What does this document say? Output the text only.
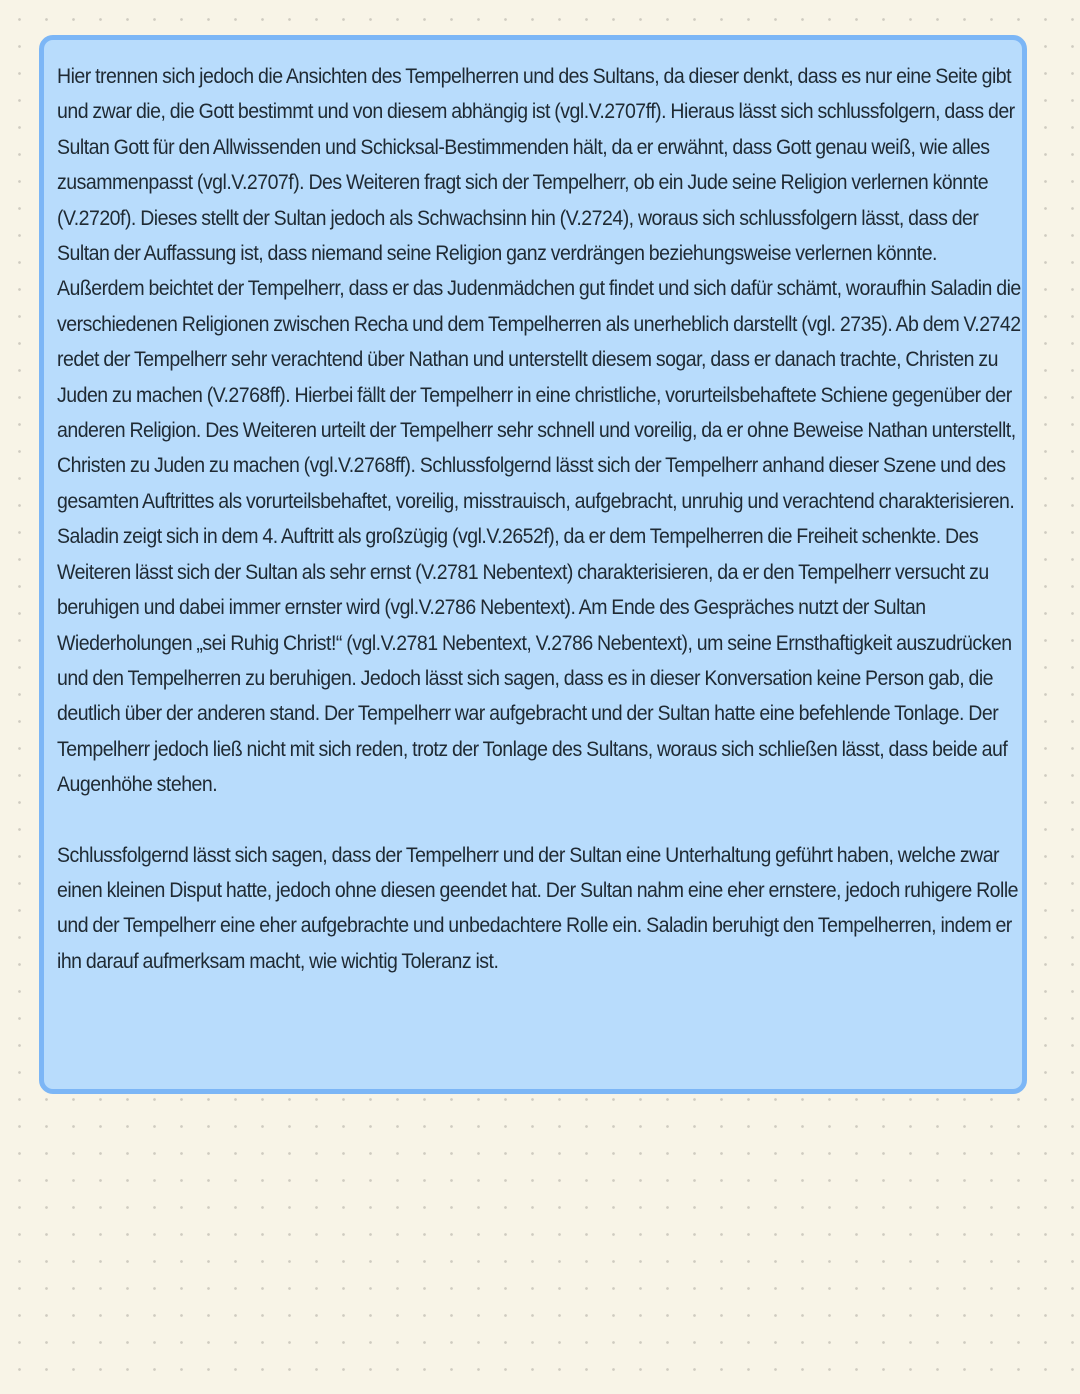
Hier trennen sich jedoch die Ansichten des Tempelherren und des Sultans, da dieser denkt, dass es nur eine Seite gibt und zwar die, die Gott bestimmt und von diesem abhängig ist (vgl.V.2707ff). Hieraus lässt sich schlussfolgern, dass der Sultan Gott für den Allwissenden und Schicksal-Bestimmenden hält, da er erwähnt, dass Gott genau weiß, wie alles zusammenpasst (vgl.V.2707f). Des Weiteren fragt sich der Tempelherr, ob ein Jude seine Religion verlernen könnte (V.2720f). Dieses stellt der Sultan jedoch als Schwachsinn hin (V.2724), woraus sich schlussfolgern lässt, dass der Sultan der Auffassung ist, dass niemand seine Religion ganz verdrängen beziehungsweise verlernen könnte. Außerdem beichtet der Tempelherr, dass er das Judenmädchen gut findet und sich dafür schämt, woraufhin Saladin die verschiedenen Religionen zwischen Recha und dem Tempelherren als unerheblich darstellt (vgl. 2735). Ab dem V.2742 redet der Tempelherr sehr verachtend über Nathan und unterstellt diesem sogar, dass er danach trachte, Christen zu Juden zu machen (V.2768ff). Hierbei fällt der Tempelherr in eine christliche, vorurteilsbehaftete Schiene gegenüber der anderen Religion. Des Weiteren urteilt der Tempelherr sehr schnell und voreilig, da er ohne Beweise Nathan unterstellt, Christen zu Juden zu machen (vgl.V.2768ff). Schlussfolgernd lässt sich der Tempelherr anhand dieser Szene und des gesamten Auftrittes als vorurteilsbehaftet, voreilig, misstrauisch, aufgebracht, unruhig und verachtend charakterisieren. Saladin zeigt sich in dem 4. Auftritt als großzügig (vgl.V.2652f), da er dem Tempelherren die Freiheit schenkte. Des Weiteren lässt sich der Sultan als sehr ernst (V.2781 Nebentext) charakterisieren, da er den Tempelherr versucht zu beruhigen und dabei immer ernster wird (vgl.V.2786 Nebentext). Am Ende des Gespräches nutzt der Sultan Wiederholungen „sei Ruhig Christ!“ (vgl.V.2781 Nebentext, V.2786 Nebentext), um seine Ernsthaftigkeit auszudrücken und den Tempelherren zu beruhigen. Jedoch lässt sich sagen, dass es in dieser Konversation keine Person gab, die deutlich über der anderen stand. Der Tempelherr war aufgebracht und der Sultan hatte eine befehlende Tonlage. Der Tempelherr jedoch ließ nicht mit sich reden, trotz der Tonlage des Sultans, woraus sich schließen lässt, dass beide auf Augenhöhe stehen.

Schlussfolgernd lässt sich sagen, dass der Tempelherr und der Sultan eine Unterhaltung geführt haben, welche zwar einen kleinen Disput hatte, jedoch ohne diesen geendet hat. Der Sultan nahm eine eher ernstere, jedoch ruhigere Rolle und der Tempelherr eine eher aufgebrachte und unbedachtere Rolle ein. Saladin beruhigt den Tempelherren, indem er ihn darauf aufmerksam macht, wie wichtig Toleranz ist.
